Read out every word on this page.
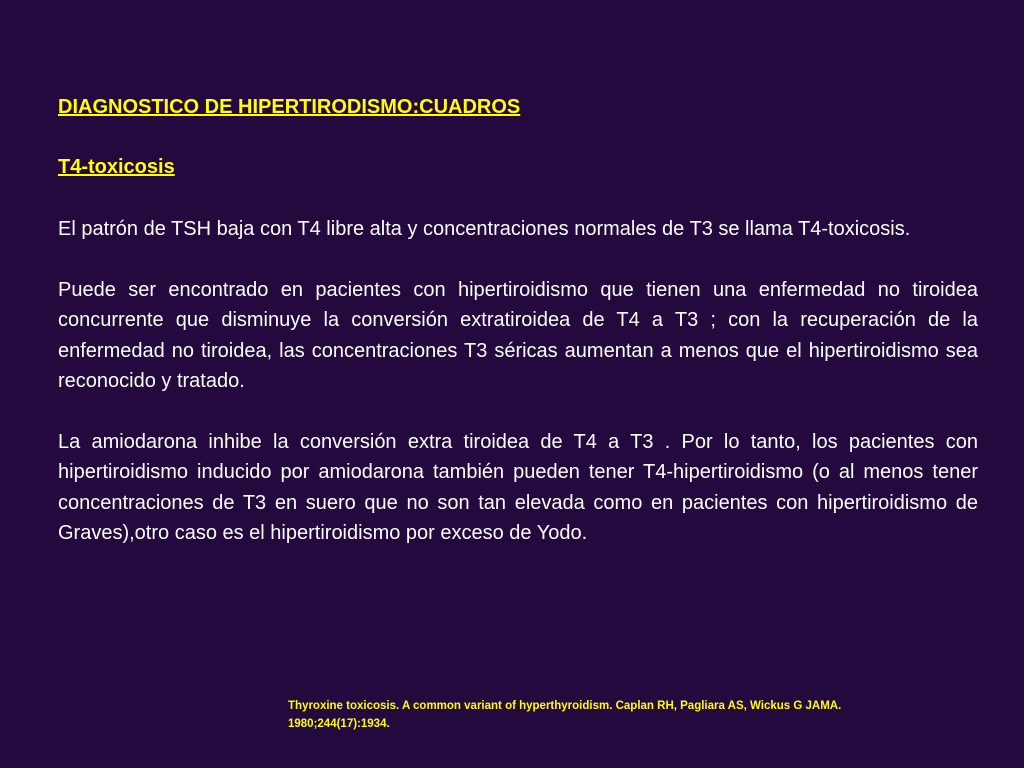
DIAGNOSTICO DE HIPERTIRODISMO:CUADROS
T4-toxicosis

El patrón de TSH baja con T4 libre alta y concentraciones normales de T3 se llama T4-toxicosis.

Puede ser encontrado en pacientes con hipertiroidismo que tienen una enfermedad no tiroidea concurrente que disminuye la conversión extratiroidea de T4 a T3 ; con la recuperación de la enfermedad no tiroidea, las concentraciones T3 séricas aumentan a menos que el hipertiroidismo sea reconocido y tratado.

La amiodarona inhibe la conversión extra tiroidea de T4 a T3 . Por lo tanto, los pacientes con hipertiroidismo inducido por amiodarona también pueden tener T4-hipertiroidismo (o al menos tener concentraciones de T3 en suero que no son tan elevada como en pacientes con hipertiroidismo de Graves),otro caso es el hipertiroidismo por exceso de Yodo.

Thyroxine toxicosis. A common variant of hyperthyroidism. Caplan RH, Pagliara AS, Wickus G JAMA.
1980;244(17):1934.
